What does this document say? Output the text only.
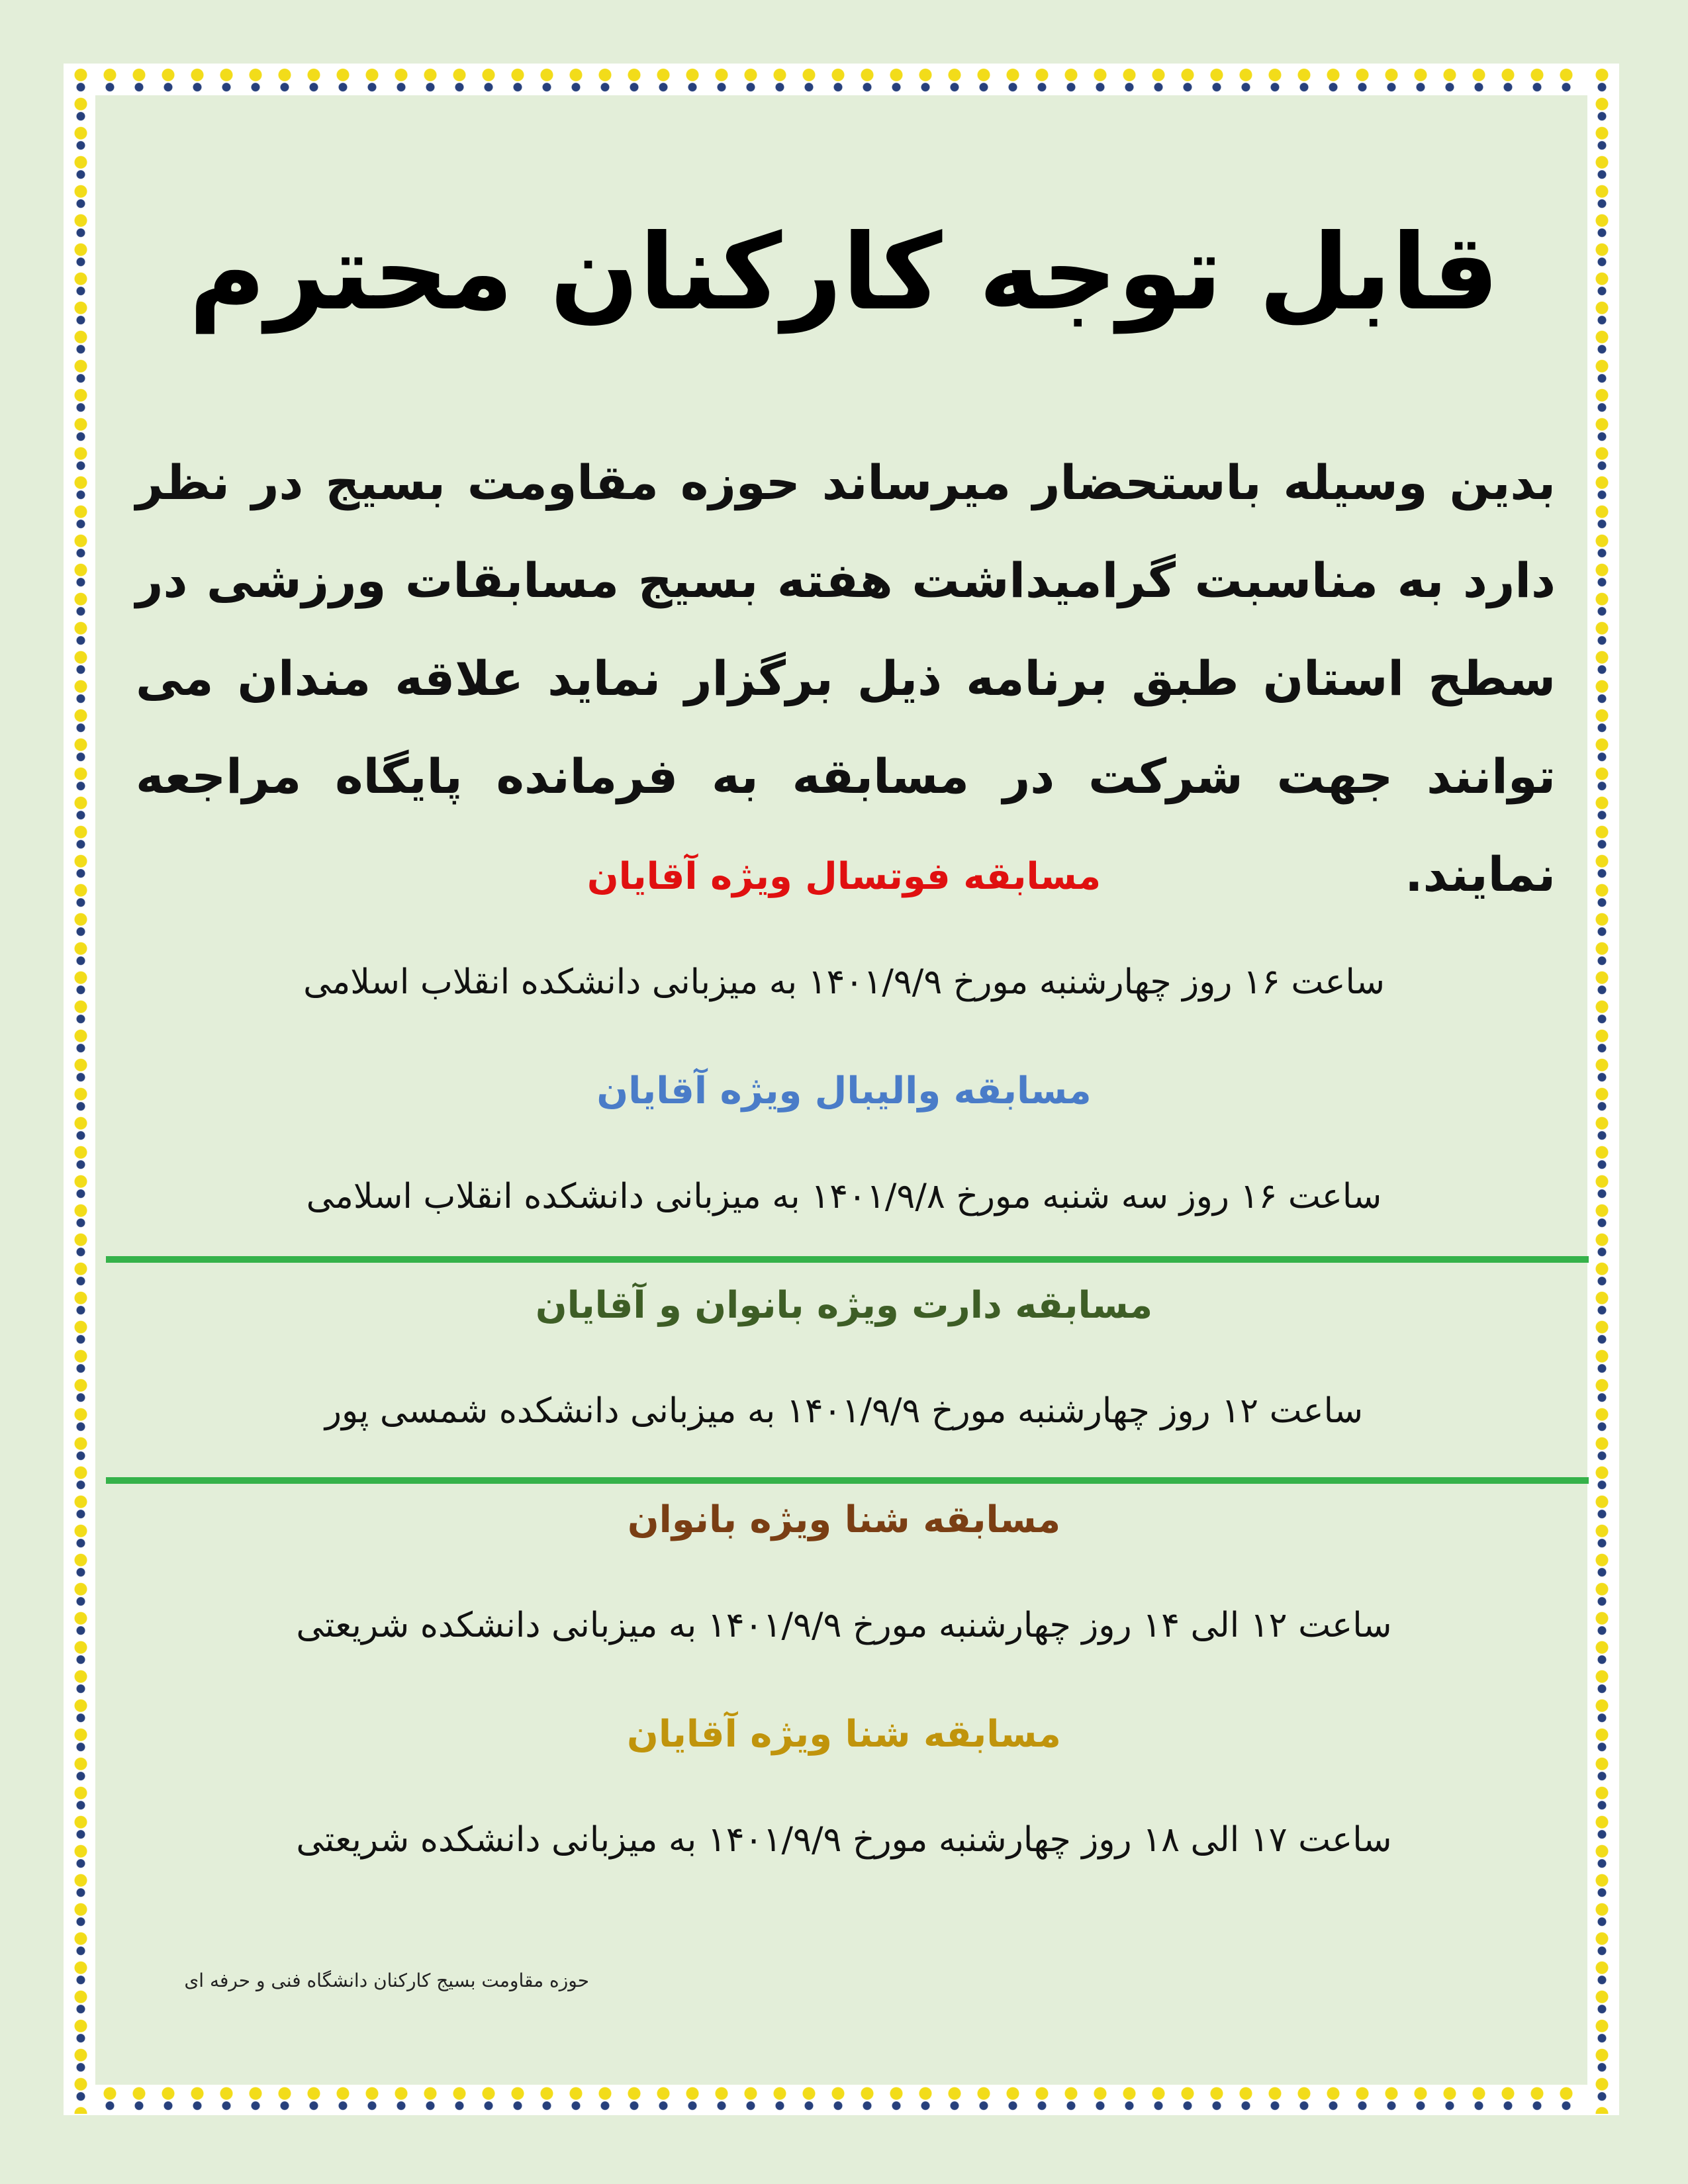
قابل توجه کارکنان محترم
بدین وسیله باستحضار میرساند حوزه مقاومت بسیج در نظر دارد به مناسبت گرامیداشت هفته بسیج مسابقات ورزشی در سطح استان طبق برنامه ذیل برگزار نماید علاقه مندان می توانند جهت شرکت در مسابقه به فرمانده پایگاه مراجعه نمایند.
مسابقه فوتسال ویژه آقایان
ساعت ۱۶ روز چهارشنبه مورخ ۱۴۰۱/۹/۹ به میزبانی دانشکده انقلاب اسلامی
مسابقه والیبال ویژه آقایان
ساعت ۱۶ روز سه شنبه مورخ ۱۴۰۱/۹/۸ به میزبانی دانشکده انقلاب اسلامی
مسابقه دارت ویژه بانوان و آقایان
ساعت ۱۲ روز چهارشنبه مورخ ۱۴۰۱/۹/۹ به میزبانی دانشکده شمسی پور
مسابقه شنا ویژه بانوان
ساعت ۱۲ الی ۱۴ روز چهارشنبه مورخ ۱۴۰۱/۹/۹ به میزبانی دانشکده شریعتی
مسابقه شنا ویژه آقایان
ساعت ۱۷ الی ۱۸ روز چهارشنبه مورخ ۱۴۰۱/۹/۹ به میزبانی دانشکده شریعتی
حوزه مقاومت بسیج کارکنان دانشگاه فنی و حرفه ای
